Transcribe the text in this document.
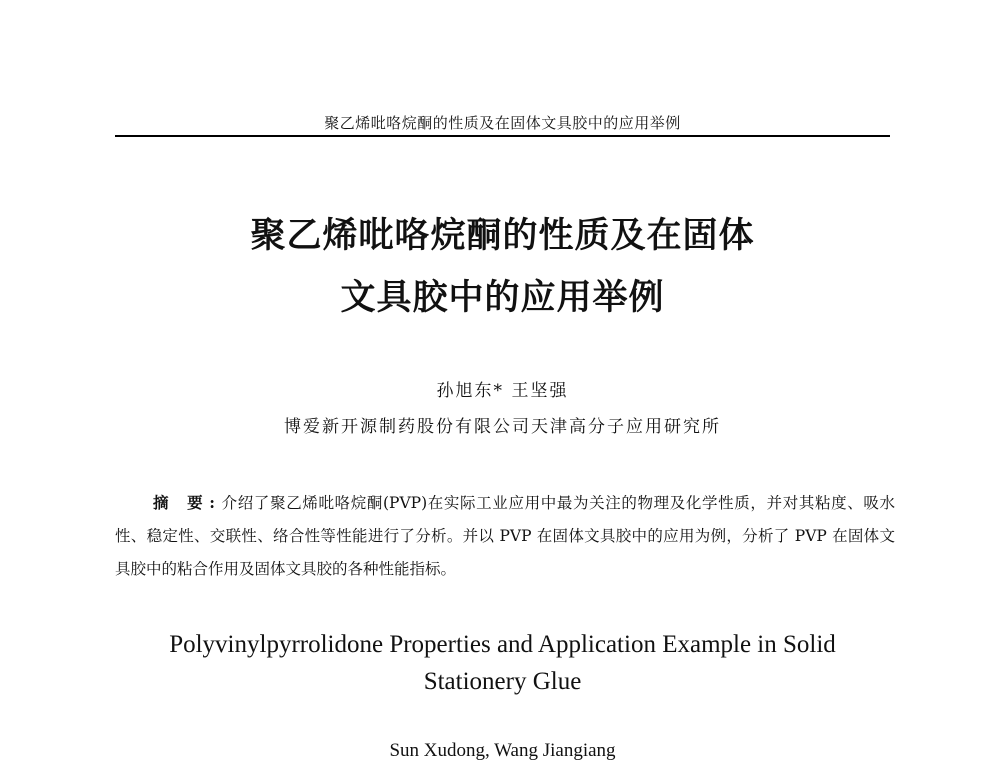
聚乙烯吡咯烷酮的性质及在固体文具胶中的应用举例
聚乙烯吡咯烷酮的性质及在固体
文具胶中的应用举例
孙旭东* 王坚强
博爱新开源制药股份有限公司天津高分子应用研究所

摘 要:介绍了聚乙烯吡咯烷酮(PVP)在实际工业应用中最为关注的物理及化学性质，并对其粘度、吸水性、稳定性、交联性、络合性等性能进行了分析。并以 PVP 在固体文具胶中的应用为例，分析了 PVP 在固体文具胶中的粘合作用及固体文具胶的各种性能指标。

Polyvinylpyrrolidone Properties and Application Example in Solid
Stationery Glue
Sun Xudong, Wang Jiangiang
